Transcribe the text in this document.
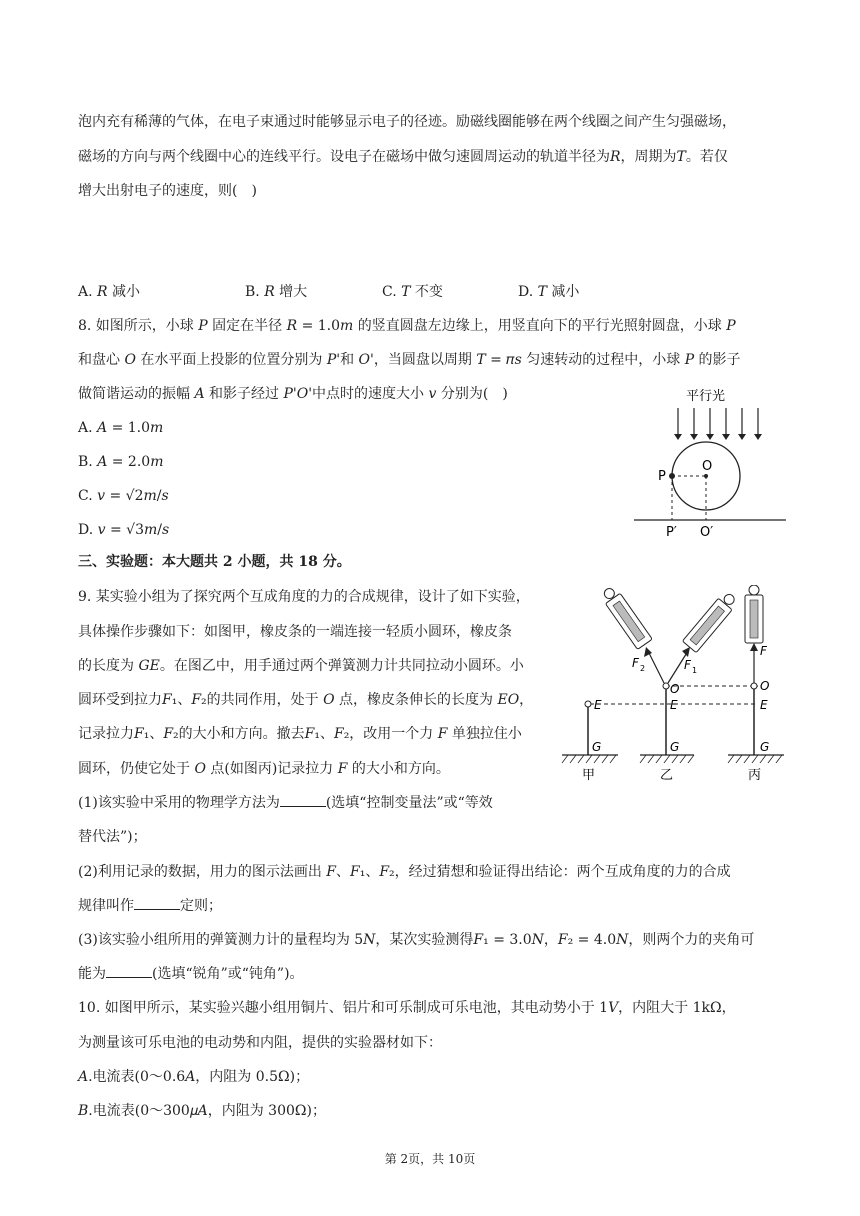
泡内充有稀薄的气体，在电子束通过时能够显示电子的径迹。励磁线圈能够在两个线圈之间产生匀强磁场，
磁场的方向与两个线圈中心的连线平行。设电子在磁场中做匀速圆周运动的轨道半径为R，周期为T。若仅
增大出射电子的速度，则(　)
A. 𝑅 减小	B. 𝑅 增大	C. 𝑇 不变	D. 𝑇 减小
8. 如图所示，小球 𝑃 固定在半径 𝑅 = 1.0𝑚 的竖直圆盘左边缘上，用竖直向下的平行光照射圆盘，小球 𝑃
和盘心 𝑂 在水平面上投影的位置分别为 𝑃'和 𝑂'，当圆盘以周期 𝑇 = 𝜋𝑠 匀速转动的过程中，小球 𝑃 的影子
做简谐运动的振幅 𝐴 和影子经过 𝑃'𝑂'中点时的速度大小 𝑣 分别为(　)
A. 𝐴 = 1.0𝑚
B. 𝐴 = 2.0𝑚
C. 𝑣 = √2𝑚/𝑠
D. 𝑣 = √3𝑚/𝑠
平行光
P
O
P′ O′
三、实验题：本大题共 2 小题，共 18 分。
9. 某实验小组为了探究两个互成角度的力的合成规律，设计了如下实验，
具体操作步骤如下：如图甲，橡皮条的一端连接一轻质小圆环，橡皮条
的长度为 𝐺𝐸。在图乙中，用手通过两个弹簧测力计共同拉动小圆环。小
圆环受到拉力𝐹₁、𝐹₂的共同作用，处于 𝑂 点，橡皮条伸长的长度为 𝐸𝑂，
记录拉力𝐹₁、𝐹₂的大小和方向。撤去𝐹₁、𝐹₂，改用一个力 𝐹 单独拉住小
圆环，仍使它处于 𝑂 点(如图丙)记录拉力 𝐹 的大小和方向。
(1)该实验中采用的物理学方法为	(选填“控制变量法”或“等效
替代法”)；
(2)利用记录的数据，用力的图示法画出 𝐹、𝐹₁、𝐹₂，经过猜想和验证得出结论：两个互成角度的力的合成
规律叫作	定则；
(3)该实验小组所用的弹簧测力计的量程均为 5𝑁，某次实验测得𝐹₁ = 3.0𝑁，𝐹₂ = 4.0𝑁，则两个力的夹角可
能为	(选填“锐角”或“钝角”)。
E
G
甲
F 2	F 1
O
E
G
乙
F
O
E
G
丙
10. 如图甲所示，某实验兴趣小组用铜片、铝片和可乐制成可乐电池，其电动势小于 1𝑉，内阻大于 1kΩ，
为测量该可乐电池的电动势和内阻，提供的实验器材如下：
𝐴.电流表(0～0.6𝐴，内阻为 0.5Ω)；
𝐵.电流表(0～300𝜇𝐴，内阻为 300Ω)；
第 2页，共 10页
